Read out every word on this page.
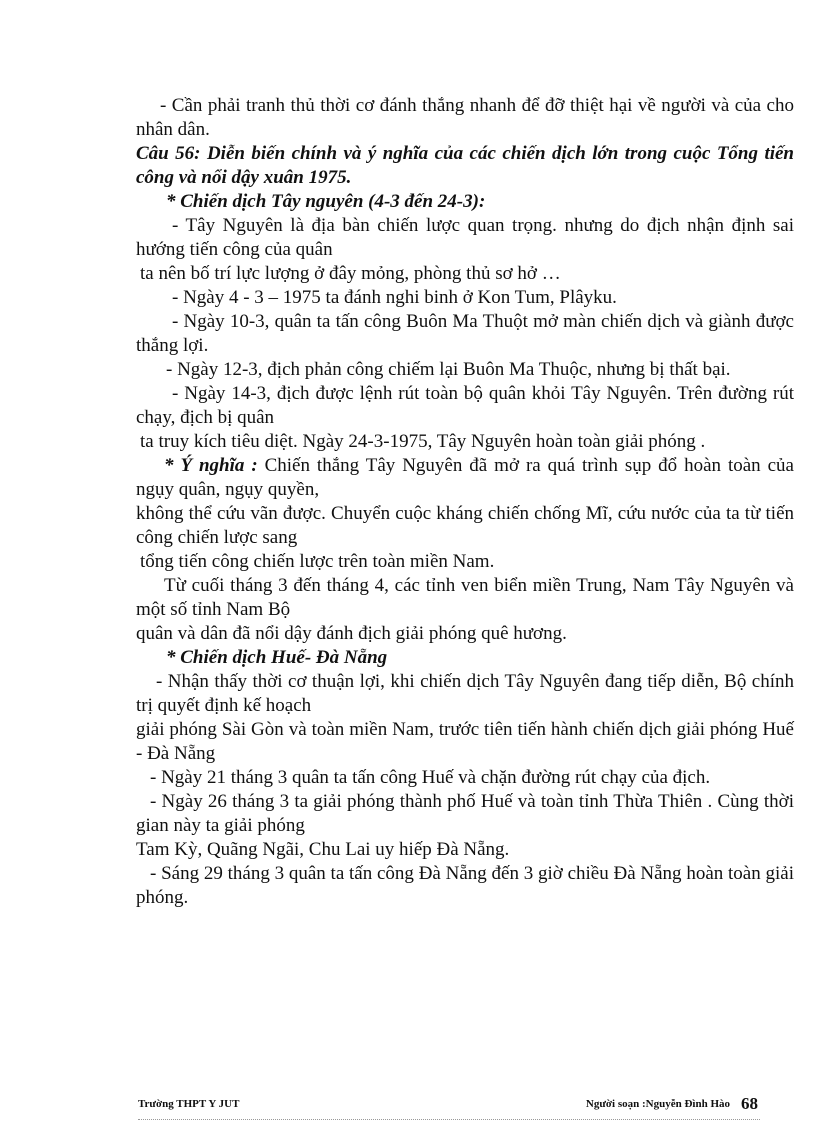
- Cần phải tranh thủ thời cơ đánh thắng nhanh để đỡ thiệt hại về người và của cho nhân dân.

Câu 56: Diễn biến chính và ý nghĩa của các chiến dịch lớn trong cuộc Tổng tiến công và nổi dậy xuân 1975.

* Chiến dịch Tây nguyên (4-3 đến 24-3):

- Tây Nguyên là địa bàn chiến lược quan trọng. nhưng do địch nhận định sai hướng tiến công của quân

ta nên bố trí lực lượng ở đây mỏng, phòng thủ sơ hở …

- Ngày 4 - 3 – 1975 ta đánh nghi binh ở Kon Tum, Plâyku.

- Ngày 10-3, quân ta tấn công Buôn Ma Thuột mở màn chiến dịch và giành được thắng lợi.

- Ngày 12-3, địch phản công chiếm lại Buôn Ma Thuộc, nhưng bị thất bại.

- Ngày 14-3, địch được lệnh rút toàn bộ quân khỏi Tây Nguyên. Trên đường rút chạy, địch bị quân

ta truy kích tiêu diệt. Ngày 24-3-1975, Tây Nguyên hoàn toàn giải phóng .

* Ý nghĩa : Chiến thắng Tây Nguyên đã mở ra quá trình sụp đổ hoàn toàn của ngụy quân, ngụy quyền,

không thể cứu vãn được. Chuyển cuộc kháng chiến chống Mĩ, cứu nước của ta từ tiến công chiến lược sang

tổng tiến công chiến lược trên toàn miền Nam.

Từ cuối tháng 3 đến tháng 4, các tỉnh ven biển miền Trung, Nam Tây Nguyên và một số tỉnh Nam Bộ

quân và dân đã nổi dậy đánh địch giải phóng quê hương.

* Chiến dịch Huế- Đà Nẵng

- Nhận thấy thời cơ thuận lợi, khi chiến dịch Tây Nguyên đang tiếp diễn, Bộ chính trị quyết định kế hoạch

giải phóng Sài Gòn và toàn miền Nam, trước tiên tiến hành chiến dịch giải phóng Huế - Đà Nẵng

- Ngày 21 tháng 3 quân ta tấn công Huế và chặn đường rút chạy của địch.

- Ngày 26 tháng 3 ta giải phóng thành phố Huế và toàn tỉnh Thừa Thiên . Cùng thời gian này ta giải phóng

Tam Kỳ, Quãng Ngãi, Chu Lai uy hiếp Đà Nẵng.

- Sáng 29 tháng 3 quân ta tấn công Đà Nẵng đến 3 giờ chiều Đà Nẵng hoàn toàn giải phóng.

Trường THPT Y JUT	Người soạn :Nguyễn Đình Hào 68
